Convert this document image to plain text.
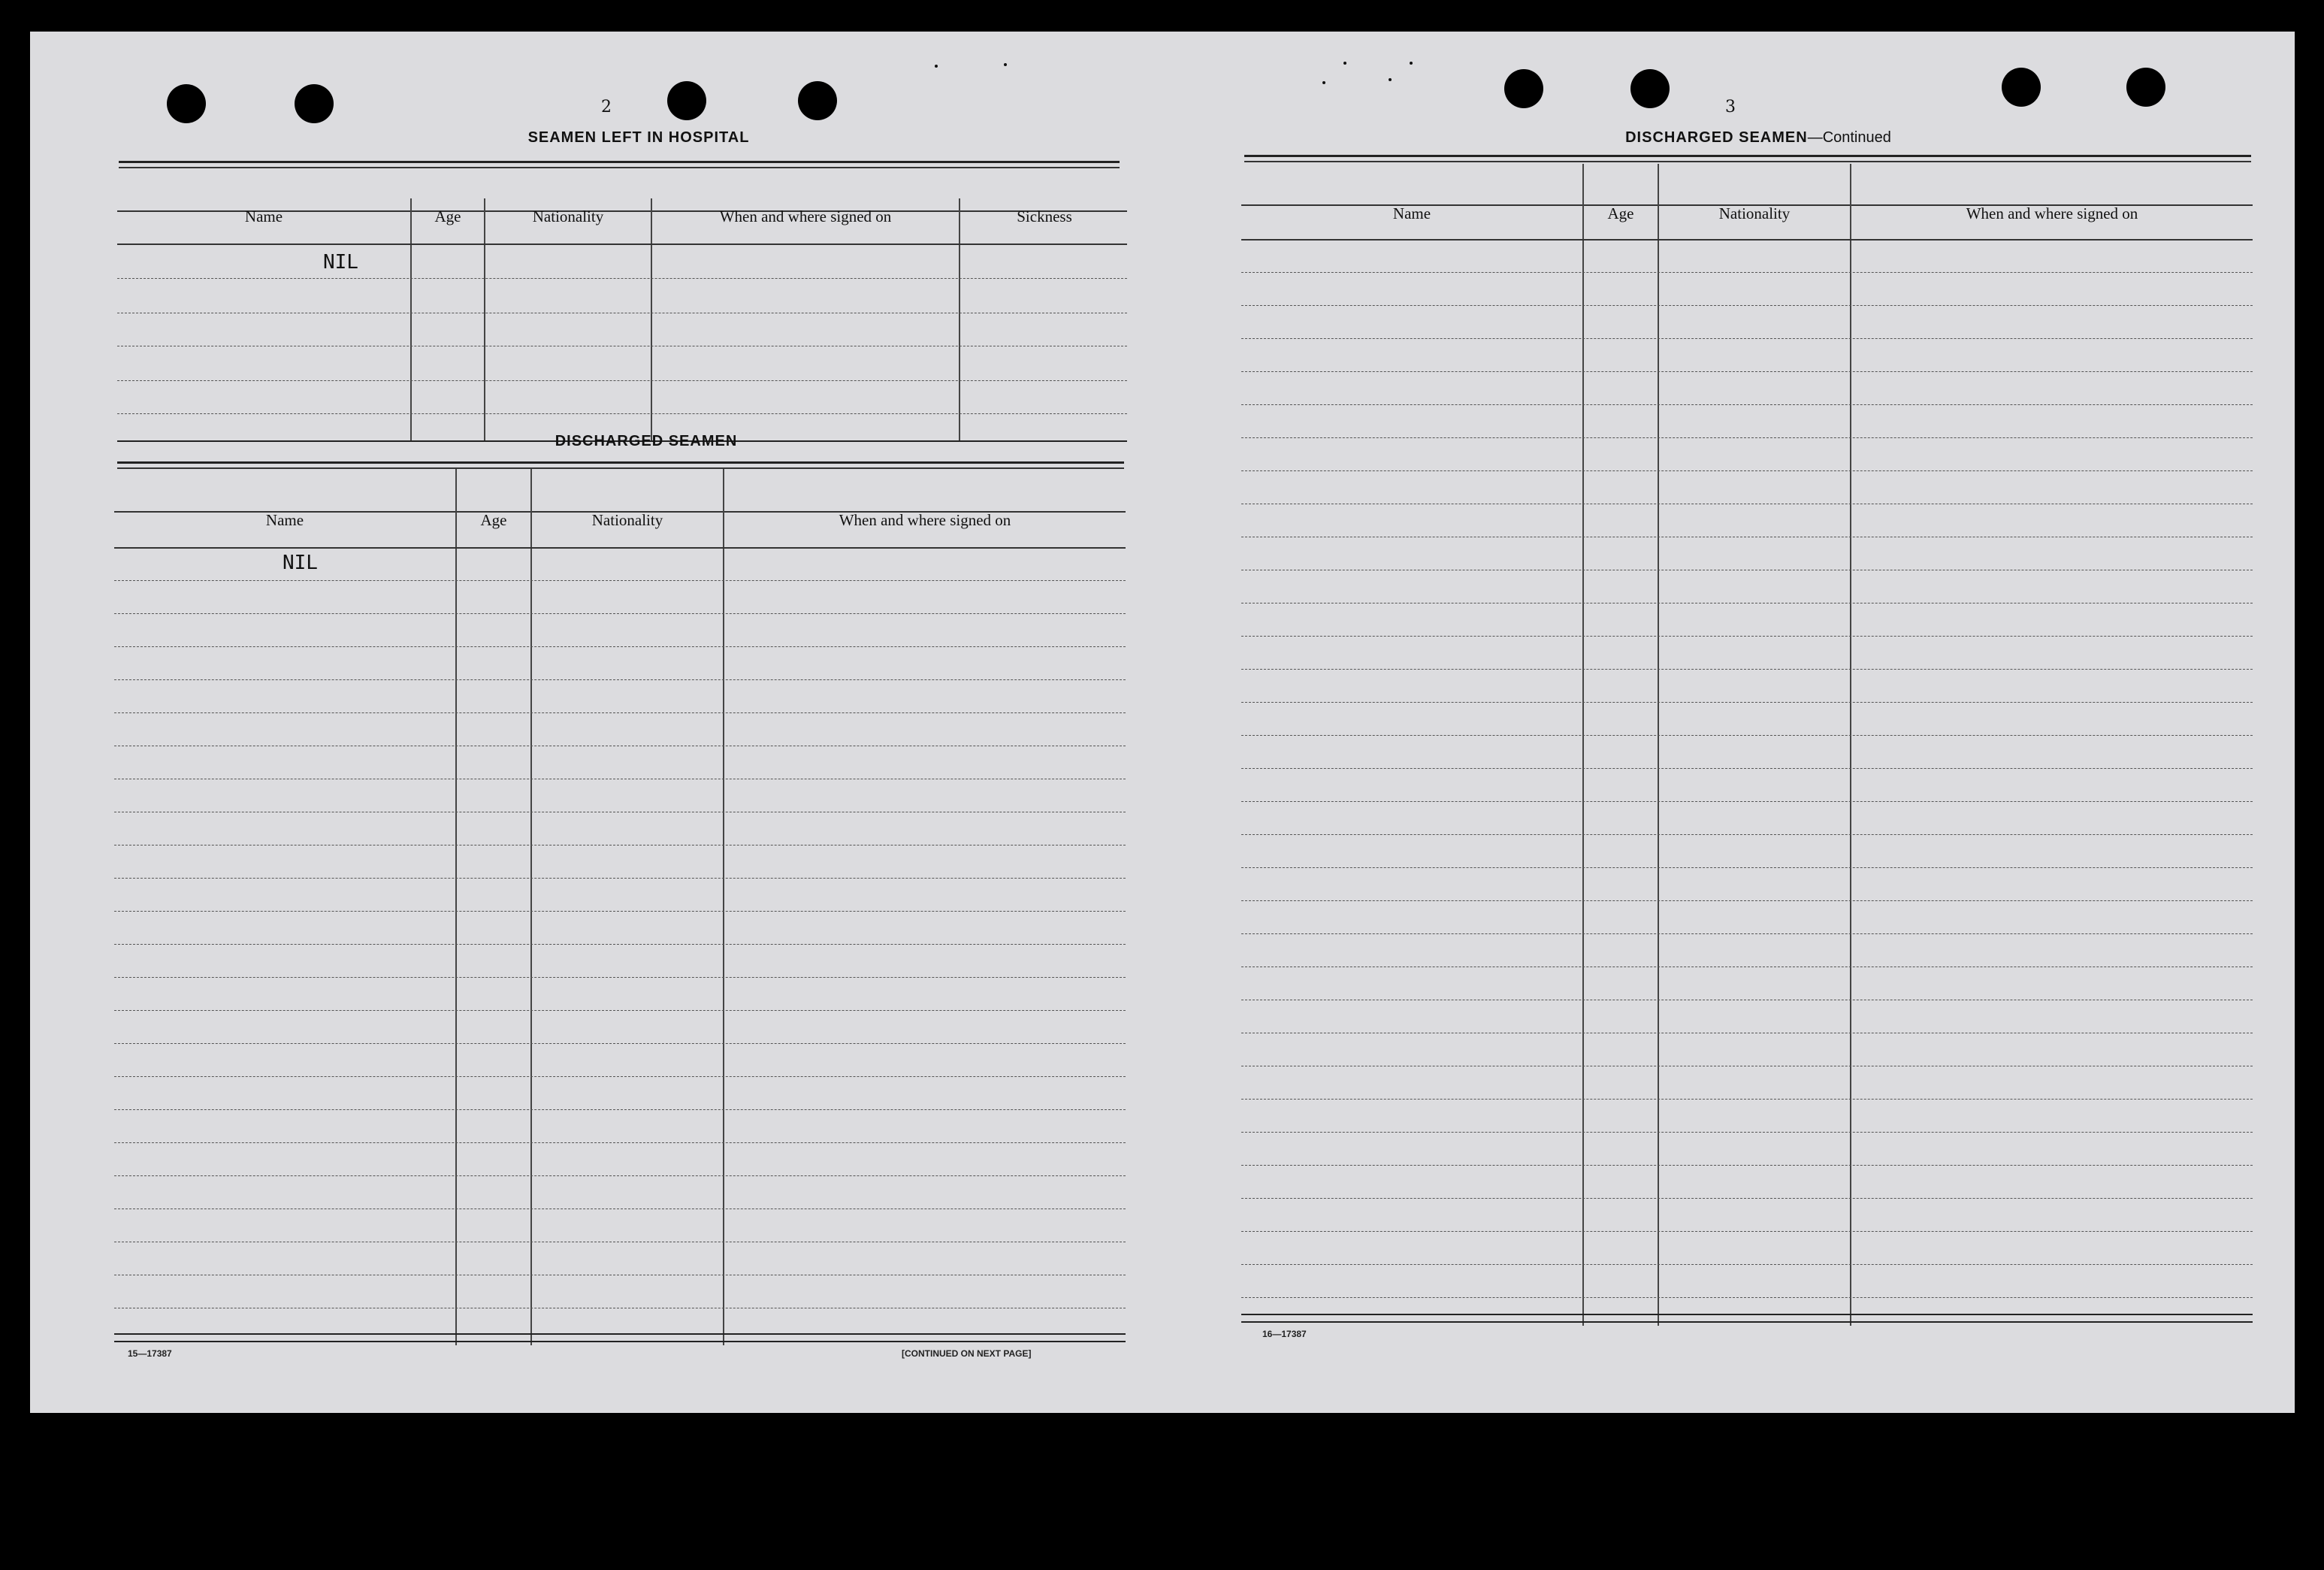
2
SEAMEN LEFT IN HOSPITAL
Name	Age	Nationality	When and where signed on	Sickness
NIL
DISCHARGED SEAMEN
Name	Age	Nationality	When and where signed on
NIL
15—17387	[CONTINUED ON NEXT PAGE]
3
DISCHARGED SEAMEN—Continued
Name	Age	Nationality	When and where signed on
16—17387
